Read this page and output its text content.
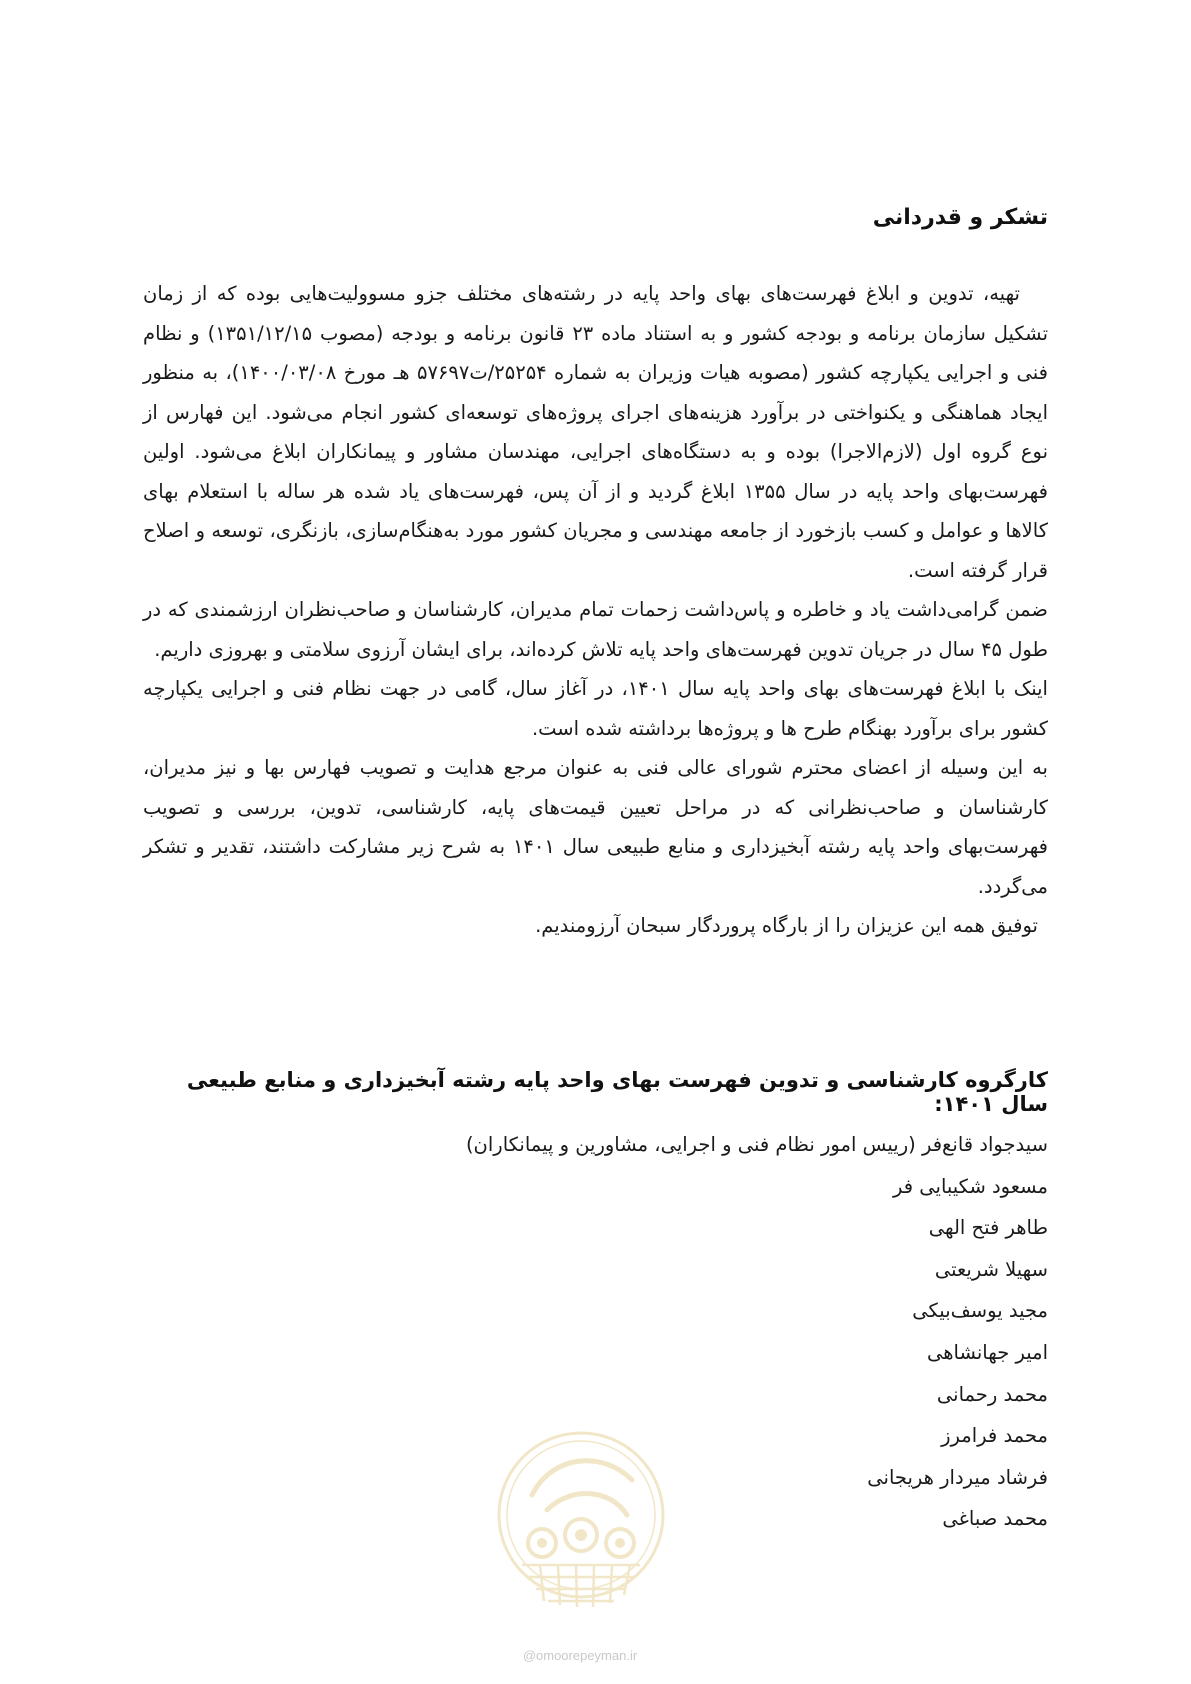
تشکر و قدردانی

تهیه، تدوین و ابلاغ فهرست‌های بهای واحد پایه در رشته‌های مختلف جزو مسوولیت‌هایی بوده که از زمان تشکیل سازمان برنامه و بودجه کشور و به استناد ماده ۲۳ قانون برنامه و بودجه (مصوب ۱۳۵۱/۱۲/۱۵) و نظام فنی و اجرایی یکپارچه کشور (مصوبه هیات وزیران به شماره ۲۵۲۵۴/ت۵۷۶۹۷ هـ مورخ ۱۴۰۰/۰۳/۰۸)، به منظور ایجاد هماهنگی و یکنواختی در برآورد هزینه‌های اجرای پروژه‌های توسعه‌ای کشور انجام می‌شود. این فهارس از نوع گروه اول (لازم‌الاجرا) بوده و به دستگاه‌های اجرایی، مهندسان مشاور و پیمانکاران ابلاغ می‌شود. اولین فهرست‌بهای واحد پایه در سال ۱۳۵۵ ابلاغ گردید و از آن پس، فهرست‌های یاد شده هر ساله با استعلام بهای کالاها و عوامل و کسب بازخورد از جامعه مهندسی و مجریان کشور مورد به‌هنگام‌سازی، بازنگری، توسعه و اصلاح قرار گرفته است.

ضمن گرامی‌داشت یاد و خاطره و پاس‌داشت زحمات تمام مدیران، کارشناسان و صاحب‌نظران ارزشمندی که در طول ۴۵ سال در جریان تدوین فهرست‌های واحد پایه تلاش کرده‌اند، برای ایشان آرزوی سلامتی و بهروزی داریم.

اینک با ابلاغ فهرست‌های بهای واحد پایه سال ۱۴۰۱، در آغاز سال، گامی در جهت نظام فنی و اجرایی یکپارچه کشور برای برآورد بهنگام طرح ها و پروژه‌ها برداشته شده است.

به این وسیله از اعضای محترم شورای عالی فنی به عنوان مرجع هدایت و تصویب فهارس بها و نیز مدیران، کارشناسان و صاحب‌نظرانی که در مراحل تعیین قیمت‌های پایه، کارشناسی، تدوین، بررسی و تصویب فهرست‌بهای واحد پایه رشته آبخیزداری و منابع طبیعی سال ۱۴۰۱ به شرح زیر مشارکت داشتند، تقدیر و تشکر می‌گردد.

توفیق همه این عزیزان را از بارگاه پروردگار سبحان آرزومندیم.

کارگروه کارشناسی و تدوین فهرست بهای واحد پایه رشته آبخیزداری و منابع طبیعی سال ۱۴۰۱:
سیدجواد قانع‌فر (رییس امور نظام فنی و اجرایی، مشاورین و پیمانکاران)
مسعود شکیبایی فر
طاهر فتح الهی
سهیلا شریعتی
مجید یوسف‌بیکی
امیر جهانشاهی
محمد رحمانی
محمد فرامرز
فرشاد میردار هریجانی
محمد صباغی
@omoorepeyman.ir
